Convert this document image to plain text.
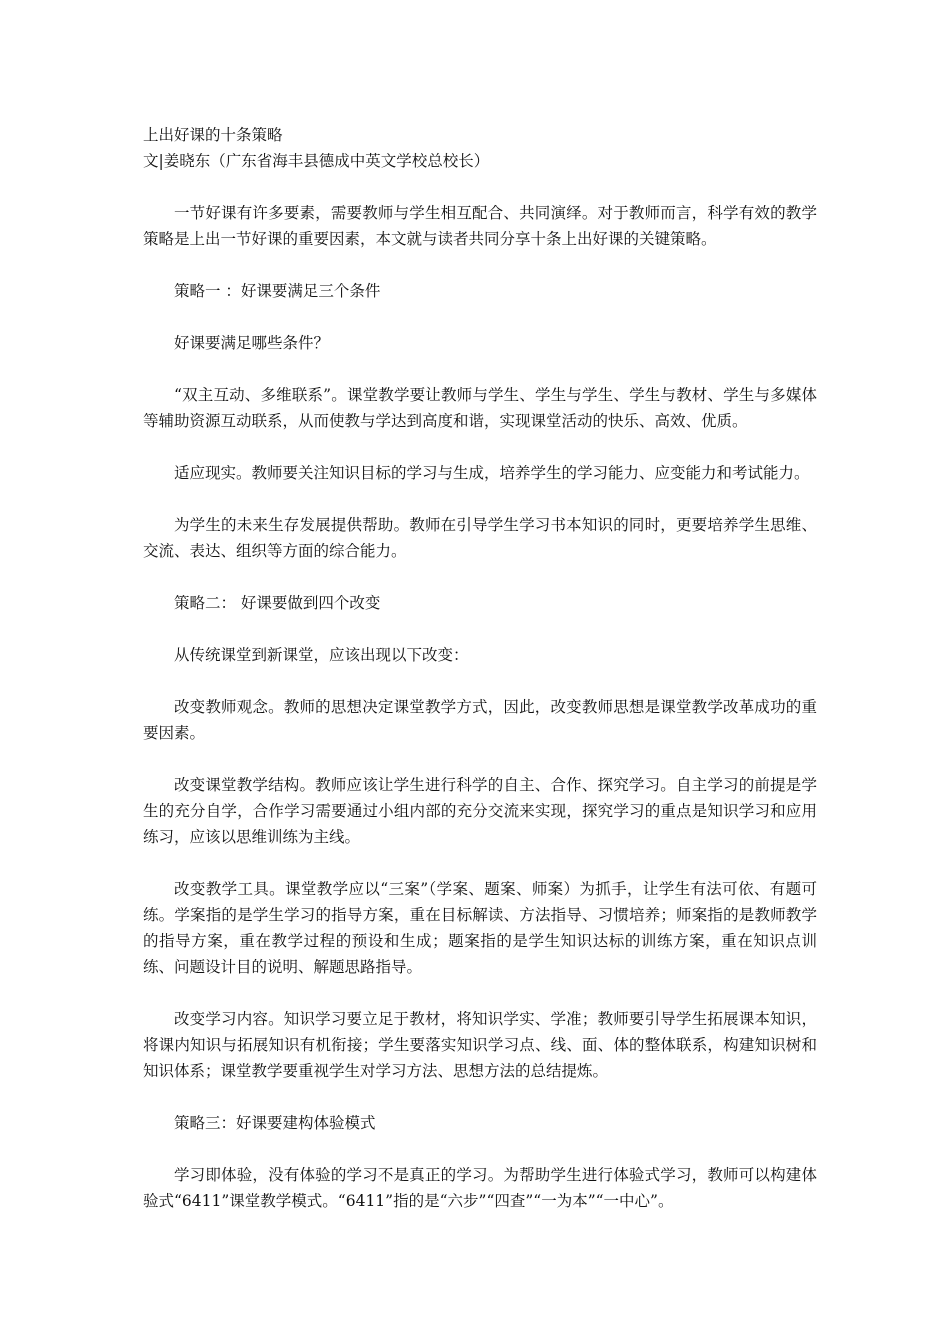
上出好课的十条策略

文|姜晓东（广东省海丰县德成中英文学校总校长）

一节好课有许多要素，需要教师与学生相互配合、共同演绎。对于教师而言，科学有效的教学策略是上出一节好课的重要因素，本文就与读者共同分享十条上出好课的关键策略。

策略一 ：好课要满足三个条件

好课要满足哪些条件？

“双主互动、多维联系”。课堂教学要让教师与学生、学生与学生、学生与教材、学生与多媒体等辅助资源互动联系，从而使教与学达到高度和谐，实现课堂活动的快乐、高效、优质。

适应现实。教师要关注知识目标的学习与生成，培养学生的学习能力、应变能力和考试能力。

为学生的未来生存发展提供帮助。教师在引导学生学习书本知识的同时，更要培养学生思维、交流、表达、组织等方面的综合能力。

策略二： 好课要做到四个改变

从传统课堂到新课堂，应该出现以下改变：

改变教师观念。教师的思想决定课堂教学方式，因此，改变教师思想是课堂教学改革成功的重要因素。

改变课堂教学结构。教师应该让学生进行科学的自主、合作、探究学习。自主学习的前提是学生的充分自学，合作学习需要通过小组内部的充分交流来实现，探究学习的重点是知识学习和应用练习，应该以思维训练为主线。

改变教学工具。课堂教学应以“三案”（学案、题案、师案）为抓手，让学生有法可依、有题可练。学案指的是学生学习的指导方案，重在目标解读、方法指导、习惯培养；师案指的是教师教学的指导方案，重在教学过程的预设和生成；题案指的是学生知识达标的训练方案，重在知识点训练、问题设计目的说明、解题思路指导。

改变学习内容。知识学习要立足于教材，将知识学实、学准；教师要引导学生拓展课本知识，将课内知识与拓展知识有机衔接；学生要落实知识学习点、线、面、体的整体联系，构建知识树和知识体系；课堂教学要重视学生对学习方法、思想方法的总结提炼。

策略三：好课要建构体验模式

学习即体验，没有体验的学习不是真正的学习。为帮助学生进行体验式学习，教师可以构建体验式“6411”课堂教学模式。“6411”指的是“六步”“四查”“一为本”“一中心”。
